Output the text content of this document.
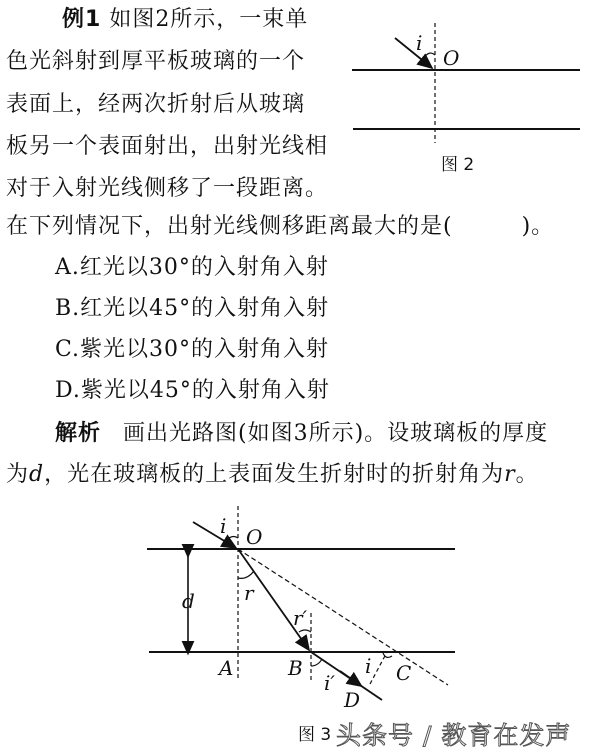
例1 如图2所示，一束单
色光斜射到厚平板玻璃的一个
表面上，经两次折射后从玻璃
板另一个表面射出，出射光线相
对于入射光线侧移了一段距离。
在下列情况下，出射光线侧移距离最大的是(　　　)。
A.红光以30°的入射角入射
B.红光以45°的入射角入射
C.紫光以30°的入射角入射
D.紫光以45°的入射角入射
解析 画出光路图(如图3所示)。设玻璃板的厚度
为d，光在玻璃板的上表面发生折射时的折射角为r。
i
O
图 2
i O
d r
r′
A	B
i′
D
i C
图 3 头条号 / 教育在发声
